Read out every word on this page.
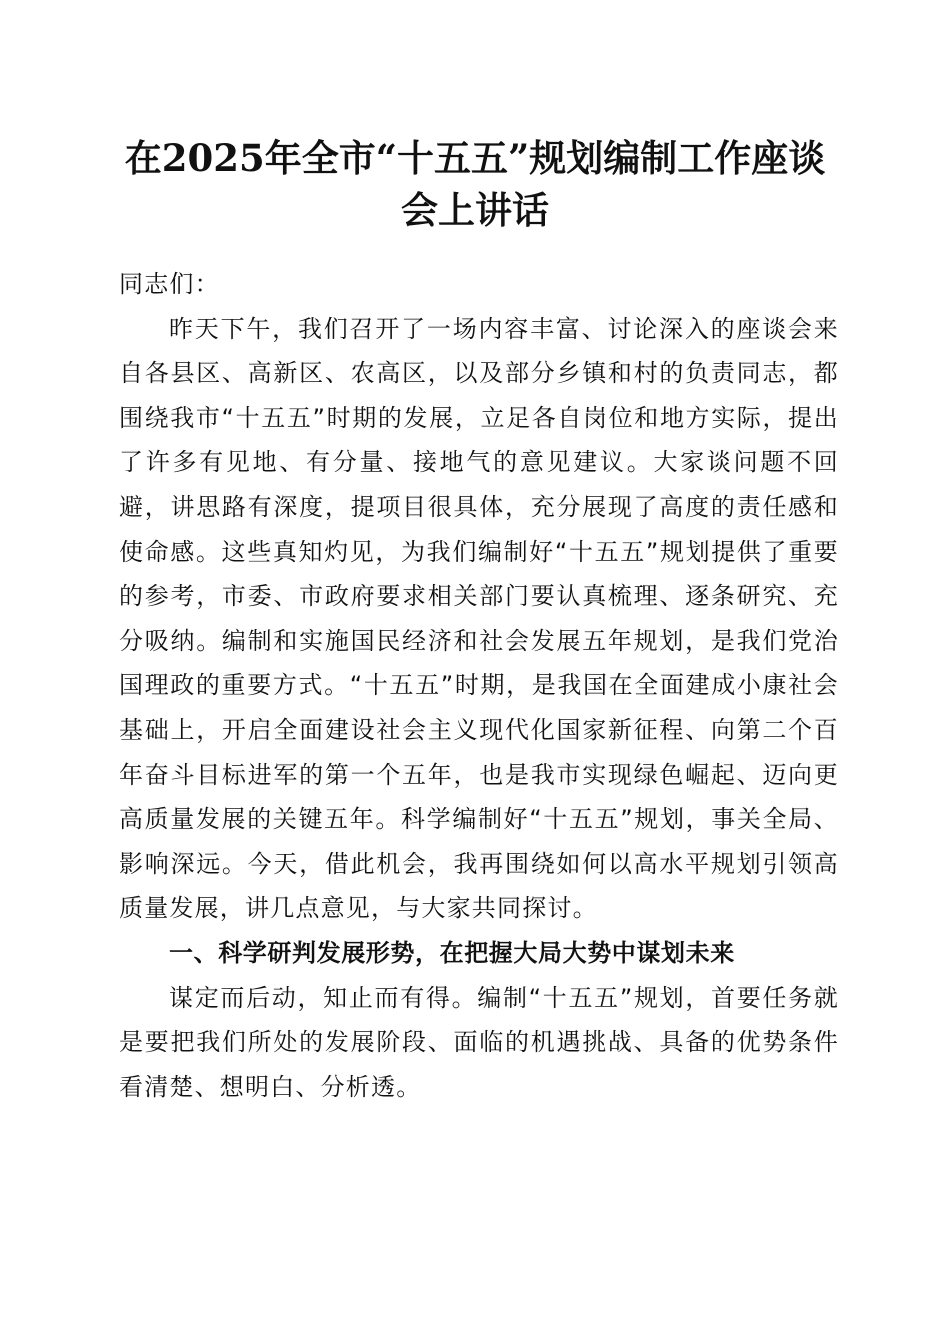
在2025年全市“十五五”规划编制工作座谈
会上讲话

同志们：

昨天下午，我们召开了一场内容丰富、讨论深入的座谈会来自各县区、高新区、农高区，以及部分乡镇和村的负责同志，都围绕我市“十五五”时期的发展，立足各自岗位和地方实际，提出了许多有见地、有分量、接地气的意见建议。大家谈问题不回避，讲思路有深度，提项目很具体，充分展现了高度的责任感和使命感。这些真知灼见，为我们编制好“十五五”规划提供了重要的参考，市委、市政府要求相关部门要认真梳理、逐条研究、充分吸纳。编制和实施国民经济和社会发展五年规划，是我们党治国理政的重要方式。“十五五”时期，是我国在全面建成小康社会基础上，开启全面建设社会主义现代化国家新征程、向第二个百年奋斗目标进军的第一个五年，也是我市实现绿色崛起、迈向更高质量发展的关键五年。科学编制好“十五五”规划，事关全局、影响深远。今天，借此机会，我再围绕如何以高水平规划引领高质量发展，讲几点意见，与大家共同探讨。

一、科学研判发展形势，在把握大局大势中谋划未来

谋定而后动，知止而有得。编制“十五五”规划，首要任务就是要把我们所处的发展阶段、面临的机遇挑战、具备的优势条件看清楚、想明白、分析透。
